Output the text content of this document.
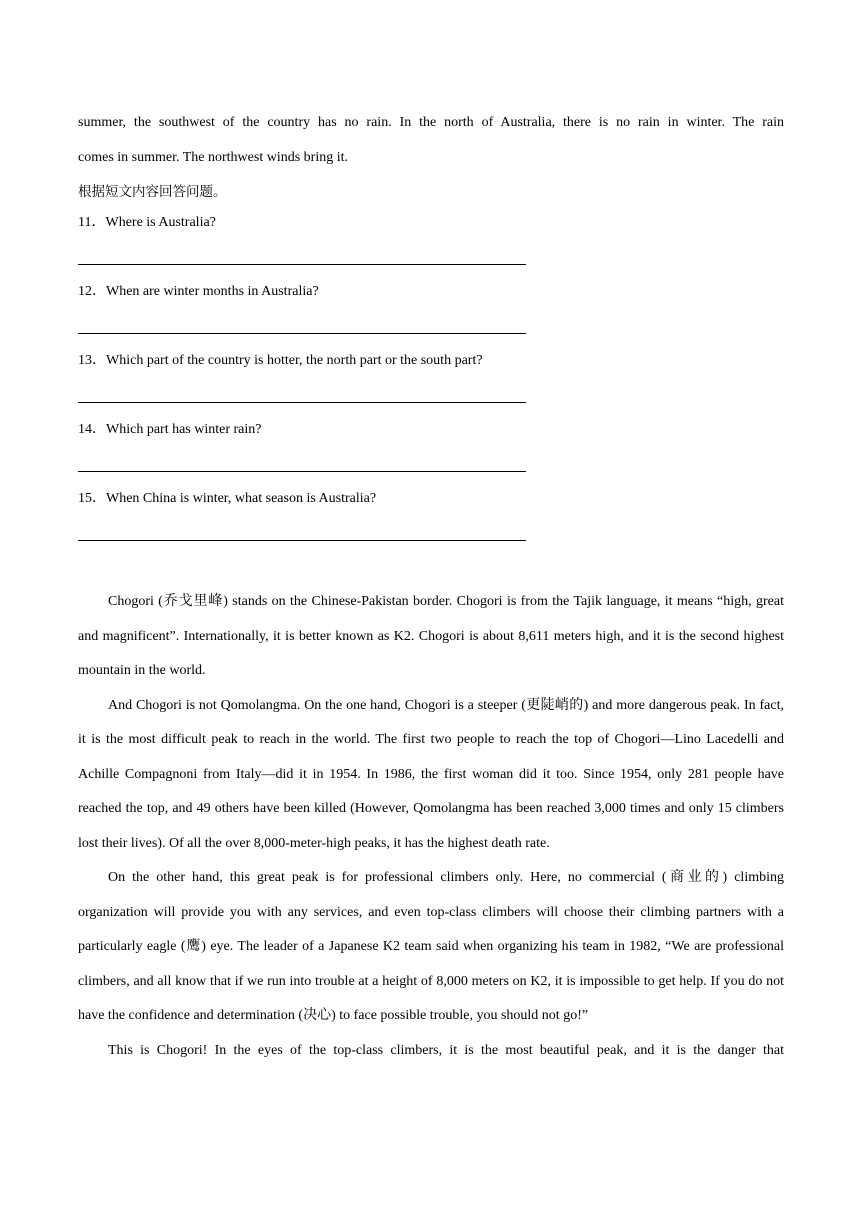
summer, the southwest of the country has no rain. In the north of Australia, there is no rain in winter. The rain

comes in summer. The northwest winds bring it.

根据短文内容回答问题。

11．Where is Australia?
12．When are winter months in Australia?
13．Which part of the country is hotter, the north part or the south part?
14．Which part has winter rain?
15．When China is winter, what season is Australia?

Chogori (乔戈里峰) stands on the Chinese-Pakistan border. Chogori is from the Tajik language, it means “high, great and magnificent”. Internationally, it is better known as K2. Chogori is about 8,611 meters high, and it is the second highest mountain in the world.

And Chogori is not Qomolangma. On the one hand, Chogori is a steeper (更陡峭的) and more dangerous peak. In fact, it is the most difficult peak to reach in the world. The first two people to reach the top of Chogori—Lino Lacedelli and Achille Compagnoni from Italy—did it in 1954. In 1986, the first woman did it too. Since 1954, only 281 people have reached the top, and 49 others have been killed (However, Qomolangma has been reached 3,000 times and only 15 climbers lost their lives). Of all the over 8,000-meter-high peaks, it has the highest death rate.

On the other hand, this great peak is for professional climbers only. Here, no commercial (商业的) climbing organization will provide you with any services, and even top-class climbers will choose their climbing partners with a particularly eagle (鹰) eye. The leader of a Japanese K2 team said when organizing his team in 1982, “We are professional climbers, and all know that if we run into trouble at a height of 8,000 meters on K2, it is impossible to get help. If you do not have the confidence and determination (决心) to face possible trouble, you should not go!”

This is Chogori! In the eyes of the top-class climbers, it is the most beautiful peak, and it is the danger that
